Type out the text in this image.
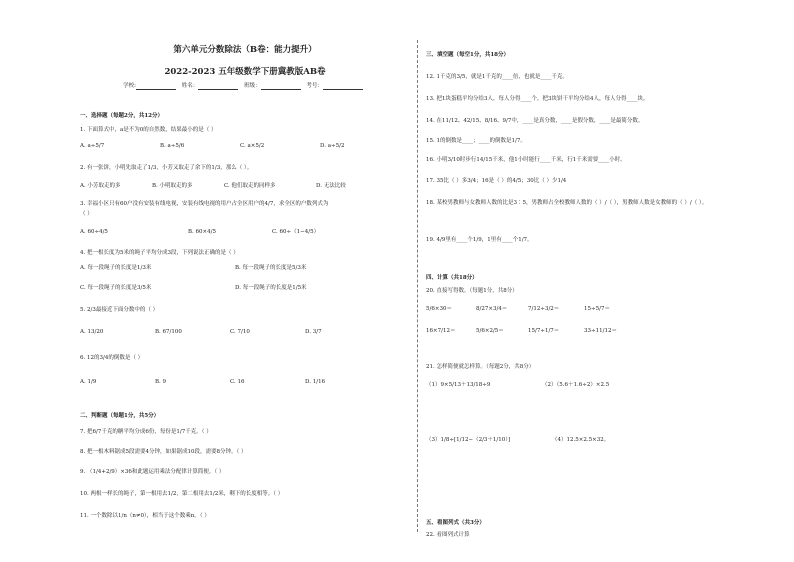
第六单元分数除法（B卷：能力提升）
2022-2023 五年级数学下册冀教版AB卷
学校:	姓名：	班级：	考号：
一、选择题（每题2分，共12分）
1. 下面算式中，a是不为0的自然数，结果最小的是（ ）
A. a÷5/7	B. a÷5/6	C. a×5/2	D. a÷5/2
2. 有一张饼，小明先取走了1/3，小芳又取走了余下的1/3，那么（ ）。
A. 小芳取走的多	B. 小明取走的多	C. 他们取走的同样多	D. 无法比较
3. 幸福小区只有60户没有安装有线电视，安装有线电视的用户占全区用户的4/7，求全区的户数列式为
（ ）
A. 60÷4/5	B. 60×4/5	C. 60÷（1−4/5）
4. 把一根长度为5米的绳子平均分成3段，下列说法正确的是（ ）
A. 每一段绳子的长度是1/3米	B. 每一段绳子的长度是5/3米
C. 每一段绳子的长度是3/5米	D. 每一段绳子的长度是1/5米
5. 2/3最接近下面分数中的（ ）
A. 13/20	B. 67/100	C. 7/10	D. 3/7
6. 12的3/4的倒数是（ ）
A. 1/9	B. 9	C. 16	D. 1/16
二、判断题（每题1分，共5分）
7. 把6/7千克的糖平均分成6份，每份是1/7千克。（ ）
8. 把一根木料锯成5段需要4分钟，如果锯成10段，需要8分钟。（ ）
9. （1/4+2/9）×36和此题运用乘法分配律计算简便。（ ）
10. 两根一样长的绳子，第一根用去1/2，第二根用去1/2米，剩下的长度相等。（ ）
11. 一个数除以1/n（n≠0），相当于这个数乘n。（ ）
三、填空题（每空1分，共18分）
12. 1千克的3/5，就是1千克的____倍，也就是____千克。
13. 把1块蛋糕平均分给3人，每人分得____个，把3块饼干平均分给4人，每人分得____块。
14. 在11/12、42/15、8/16、9/7中，____是真分数，____是假分数，____是最简分数。
15. 1的倒数是____；____的倒数是1/7。
16. 小明3/10时步行14/15千米，他1小时能行____千米，行1千米需要____小时。
17. 35比（ ）多3/4；16是（ ）的4/5；30比（ ）少1/4
18. 某校男教师与女教师人数的比是3∶5，男教师占全校教师人数的（ ）/（ ），男教师人数是女教师的（ ）/（ ）。
19. 4/9里有____个1/9，1里有____个1/7。
四、计算（共18分）
20. 直接写得数。（每题1分，共8分）
5/6×30＝	8/27×3/4＝	7/12÷3/2＝	15÷5/7＝
16×7/12＝	5/6×2/5＝	15/7÷1/7＝	33÷11/12＝
21. 怎样简便就怎样算。（每题2分，共8分）
（1）9×5/13＋13/18÷9	（2）（5.6＋1.6÷2）×2.5
（3）1/8÷[1/12−（2/3＋1/10）]	（4）12.5×2.5×32。
五、看图列式（共3分）
22. 看图列式计算
